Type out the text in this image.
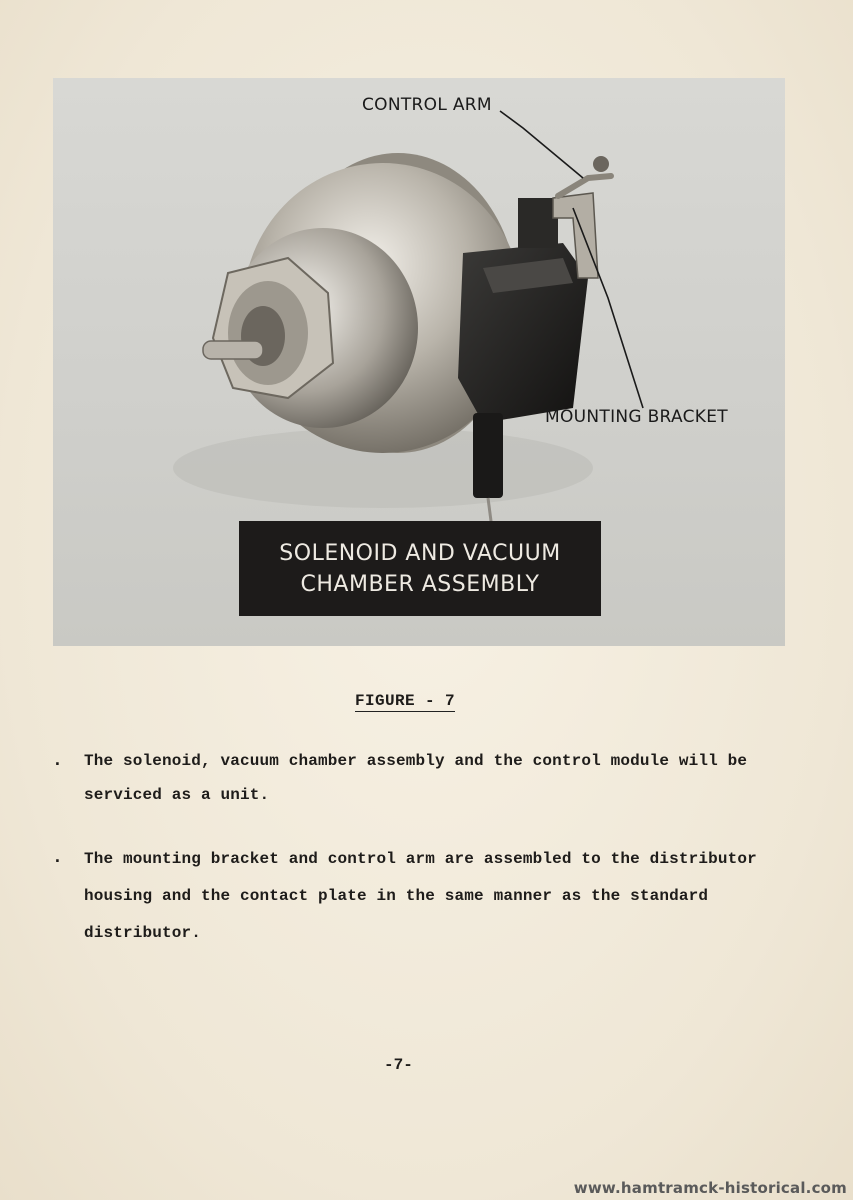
CONTROL ARM
MOUNTING BRACKET
SOLENOID AND VACUUM
CHAMBER ASSEMBLY
FIGURE - 7
. The solenoid, vacuum chamber assembly and the control module will be serviced as a unit.
. The mounting bracket and control arm are assembled to the distributor housing and the contact plate in the same manner as the standard distributor.
-7-
www.hamtramck-historical.com
